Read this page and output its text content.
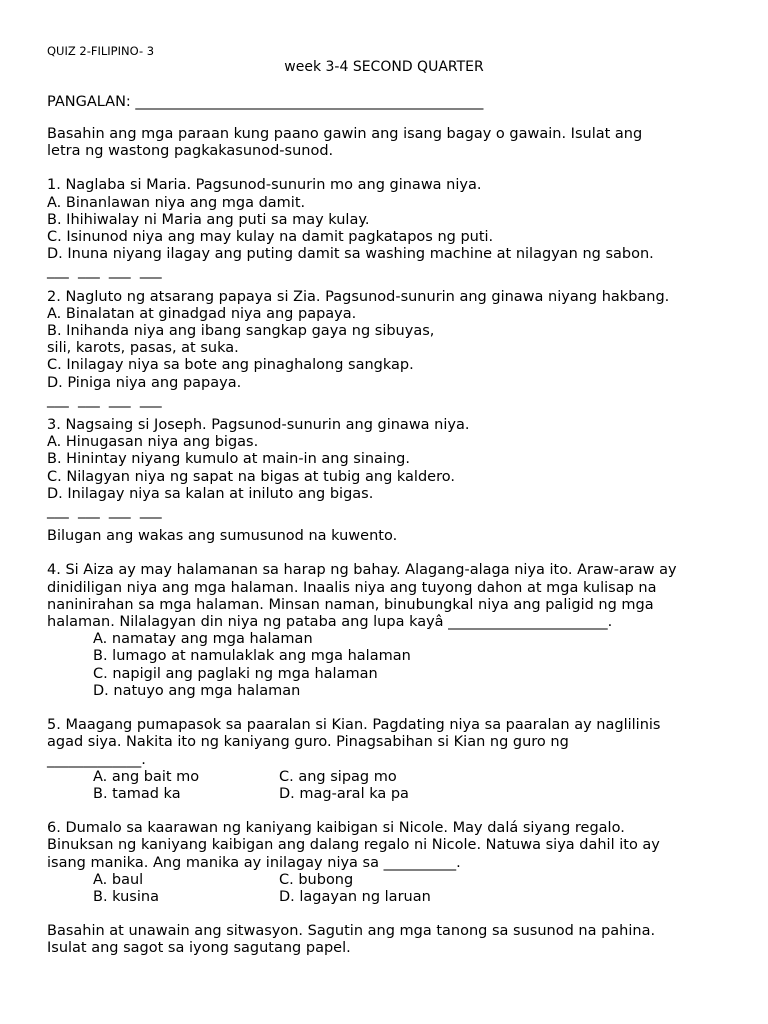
QUIZ 2-FILIPINO- 3
week 3-4 SECOND QUARTER
PANGALAN: ________________________________________________

Basahin ang mga paraan kung paano gawin ang isang bagay o gawain. Isulat ang

letra ng wastong pagkakasunod-sunod.

1. Naglaba si Maria. Pagsunod-sunurin mo ang ginawa niya.

A. Binanlawan niya ang mga damit.

B. Ihihiwalay ni Maria ang puti sa may kulay.

C. Isinunod niya ang may kulay na damit pagkatapos ng puti.

D. Inuna niyang ilagay ang puting damit sa washing machine at nilagyan ng sabon.

___  ___  ___  ___

2. Nagluto ng atsarang papaya si Zia. Pagsunod-sunurin ang ginawa niyang hakbang.

A. Binalatan at ginadgad niya ang papaya.

B. Inihanda niya ang ibang sangkap gaya ng sibuyas,

sili, karots, pasas, at suka.

C. Inilagay niya sa bote ang pinaghalong sangkap.

D. Piniga niya ang papaya.

___  ___  ___  ___

3. Nagsaing si Joseph. Pagsunod-sunurin ang ginawa niya.

A. Hinugasan niya ang bigas.

B. Hinintay niyang kumulo at main-in ang sinaing.

C. Nilagyan niya ng sapat na bigas at tubig ang kaldero.

D. Inilagay niya sa kalan at iniluto ang bigas.

___  ___  ___  ___

Bilugan ang wakas ang sumusunod na kuwento.

4. Si Aiza ay may halamanan sa harap ng bahay. Alagang-alaga niya ito. Araw-araw ay

dinidiligan niya ang mga halaman. Inaalis niya ang tuyong dahon at mga kulisap na

naninirahan sa mga halaman. Minsan naman, binubungkal niya ang paligid ng mga

halaman. Nilalagyan din niya ng pataba ang lupa kayâ ______________________.

A. namatay ang mga halaman

B. lumago at namulaklak ang mga halaman

C. napigil ang paglaki ng mga halaman

D. natuyo ang mga halaman

5. Maagang pumapasok sa paaralan si Kian. Pagdating niya sa paaralan ay naglilinis

agad siya. Nakita ito ng kaniyang guro. Pinagsabihan si Kian ng guro ng

_____________.

A. ang bait mo	C. ang sipag mo
B. tamad ka	D. mag-aral ka pa

6. Dumalo sa kaarawan ng kaniyang kaibigan si Nicole. May dalá siyang regalo.

Binuksan ng kaniyang kaibigan ang dalang regalo ni Nicole. Natuwa siya dahil ito ay

isang manika. Ang manika ay inilagay niya sa __________.

A. baul	C. bubong
B. kusina	D. lagayan ng laruan

Basahin at unawain ang sitwasyon. Sagutin ang mga tanong sa susunod na pahina.

Isulat ang sagot sa iyong sagutang papel.
